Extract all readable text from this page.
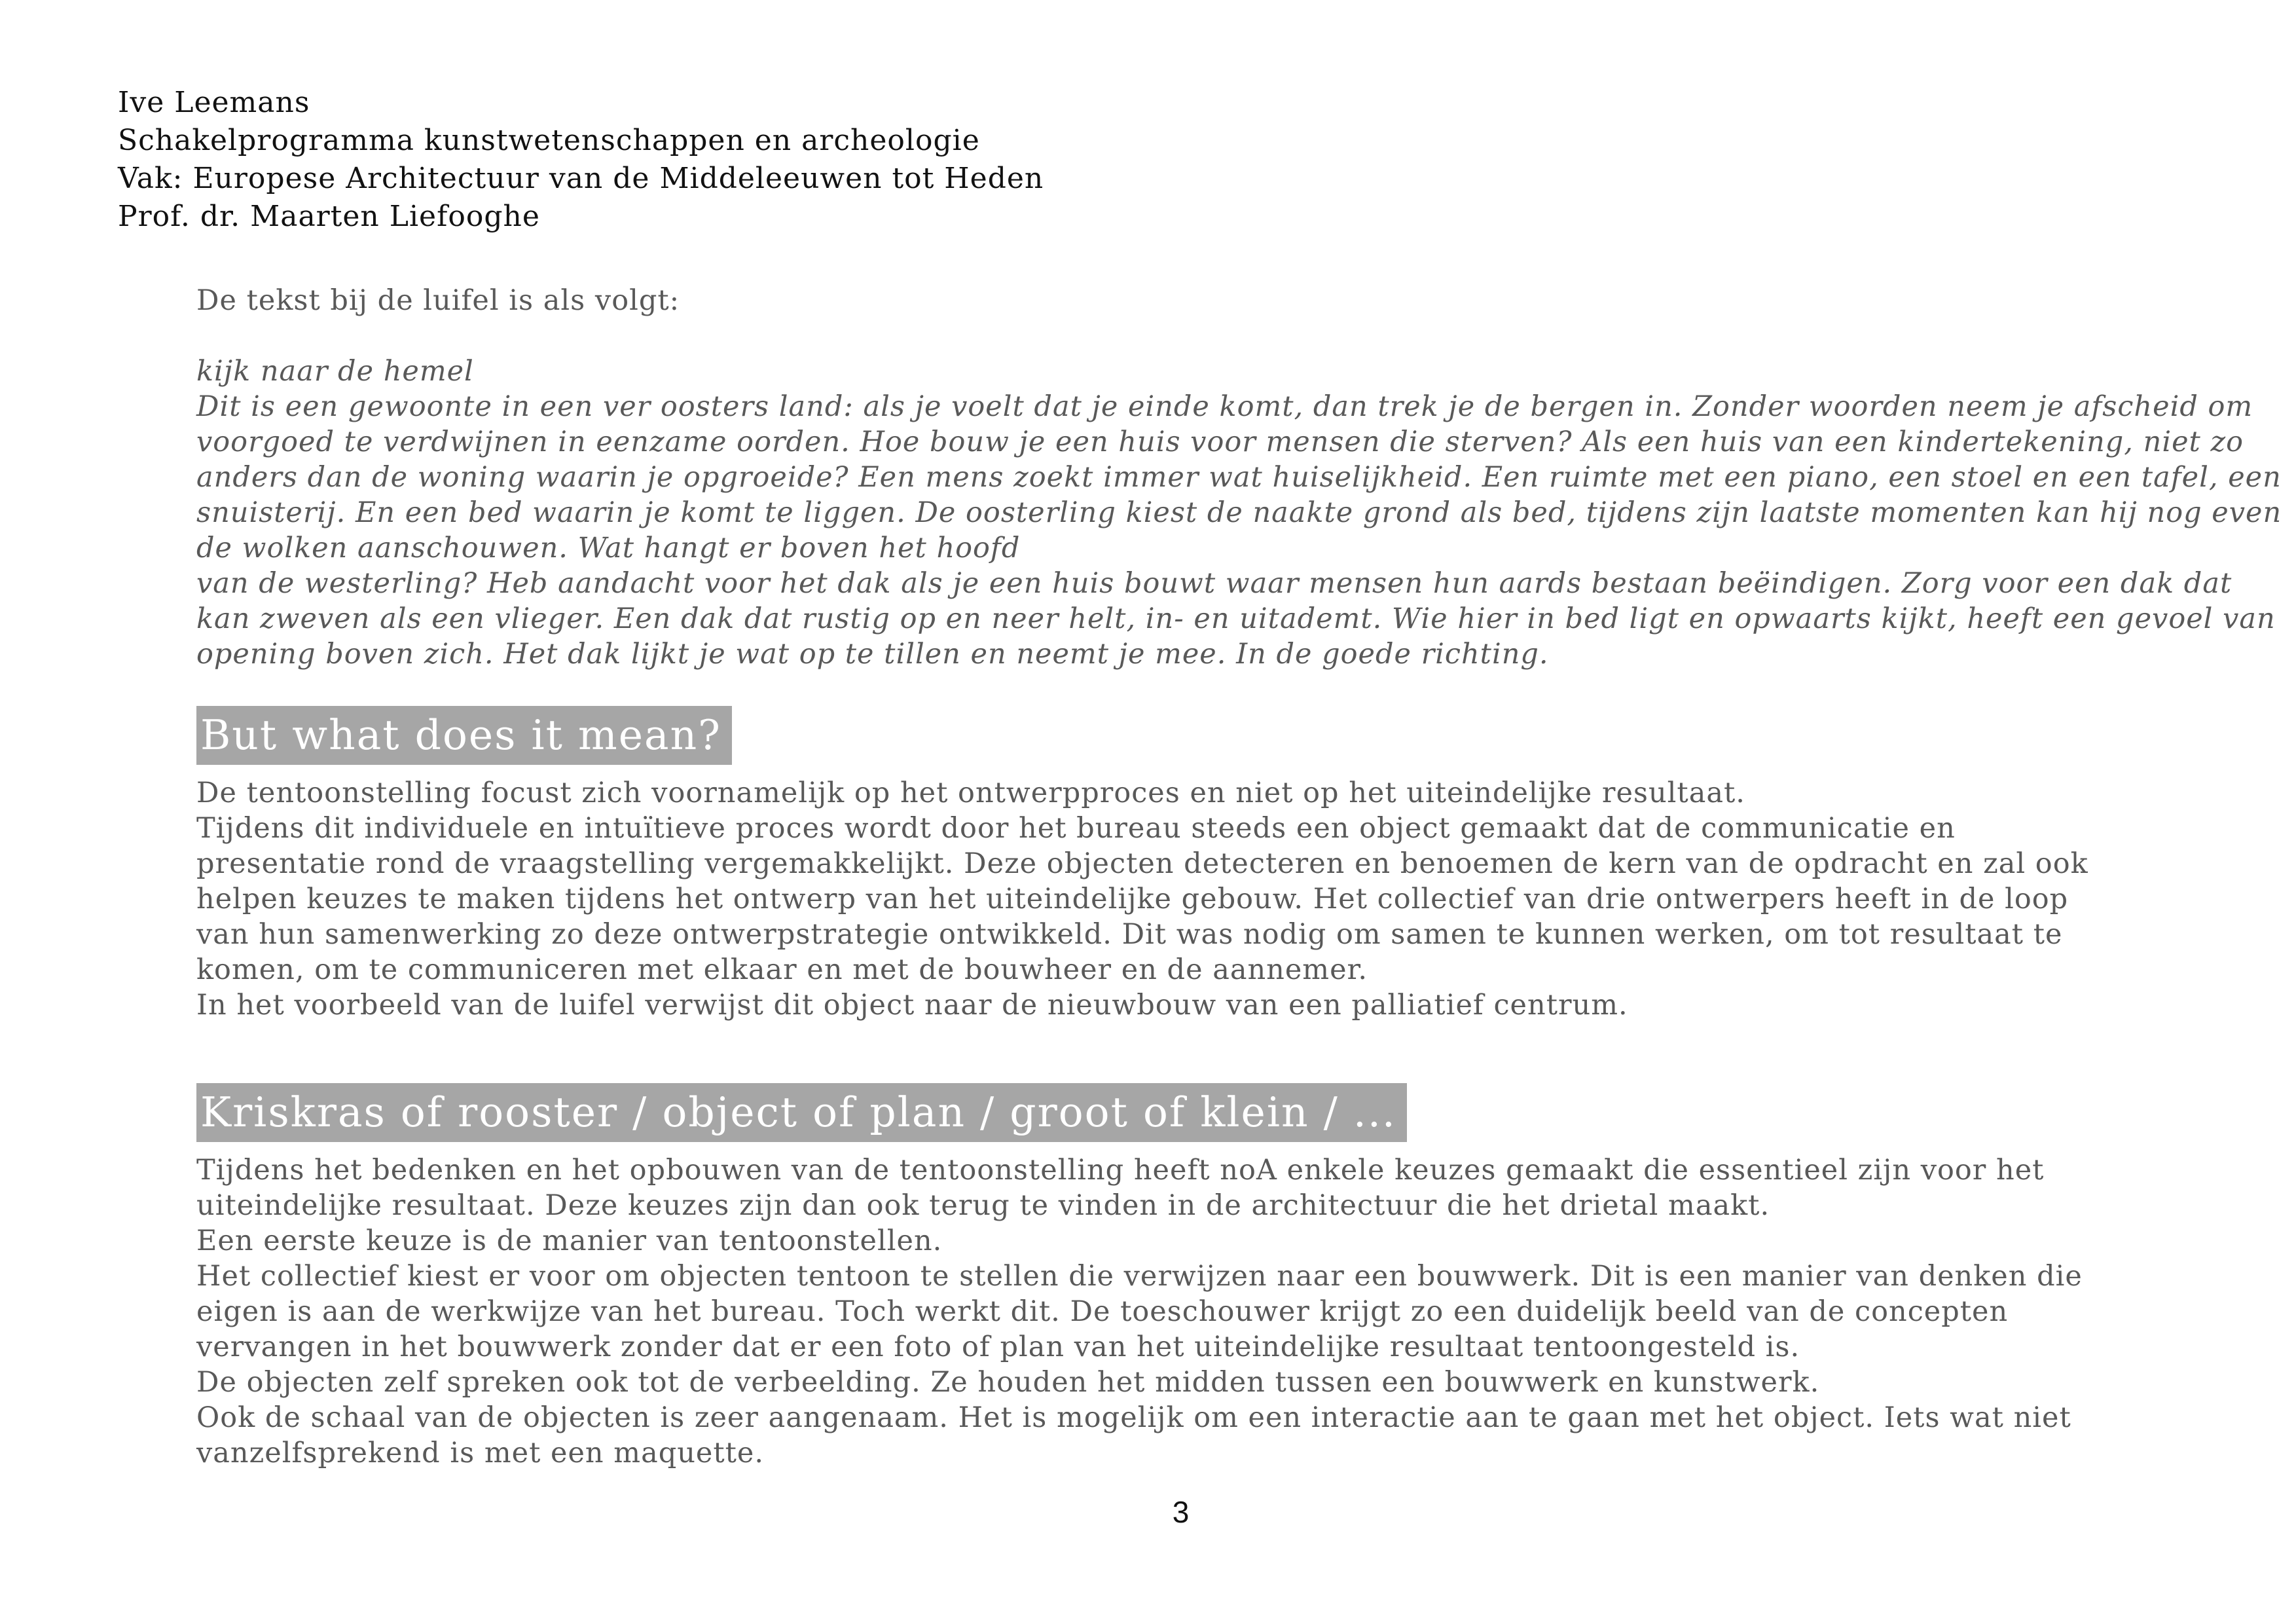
Ive Leemans
Schakelprogramma kunstwetenschappen en archeologie
Vak: Europese Architectuur van de Middeleeuwen tot Heden
Prof. dr. Maarten Liefooghe
De tekst bij de luifel is als volgt:
kijk naar de hemel
Dit is een gewoonte in een ver oosters land: als je voelt dat je einde komt, dan trek je de bergen in. Zonder woorden neem je afscheid om
voorgoed te verdwijnen in eenzame oorden. Hoe bouw je een huis voor mensen die sterven? Als een huis van een kindertekening, niet zo
anders dan de woning waarin je opgroeide? Een mens zoekt immer wat huiselijkheid. Een ruimte met een piano, een stoel en een tafel, een
snuisterij. En een bed waarin je komt te liggen. De oosterling kiest de naakte grond als bed, tijdens zijn laatste momenten kan hij nog even
de wolken aanschouwen. Wat hangt er boven het hoofd
van de westerling? Heb aandacht voor het dak als je een huis bouwt waar mensen hun aards bestaan beëindigen. Zorg voor een dak dat
kan zweven als een vlieger. Een dak dat rustig op en neer helt, in- en uitademt. Wie hier in bed ligt en opwaarts kijkt, heeft een gevoel van
opening boven zich. Het dak lijkt je wat op te tillen en neemt je mee. In de goede richting.
But what does it mean?
De tentoonstelling focust zich voornamelijk op het ontwerpproces en niet op het uiteindelijke resultaat.
Tijdens dit individuele en intuïtieve proces wordt door het bureau steeds een object gemaakt dat de communicatie en
presentatie rond de vraagstelling vergemakkelijkt. Deze objecten detecteren en benoemen de kern van de opdracht en zal ook
helpen keuzes te maken tijdens het ontwerp van het uiteindelijke gebouw. Het collectief van drie ontwerpers heeft in de loop
van hun samenwerking zo deze ontwerpstrategie ontwikkeld. Dit was nodig om samen te kunnen werken, om tot resultaat te
komen, om te communiceren met elkaar en met de bouwheer en de aannemer.
In het voorbeeld van de luifel verwijst dit object naar de nieuwbouw van een palliatief centrum.
Kriskras of rooster / object of plan / groot of klein / ...
Tijdens het bedenken en het opbouwen van de tentoonstelling heeft noA enkele keuzes gemaakt die essentieel zijn voor het
uiteindelijke resultaat. Deze keuzes zijn dan ook terug te vinden in de architectuur die het drietal maakt.
Een eerste keuze is de manier van tentoonstellen.
Het collectief kiest er voor om objecten tentoon te stellen die verwijzen naar een bouwwerk. Dit is een manier van denken die
eigen is aan de werkwijze van het bureau. Toch werkt dit. De toeschouwer krijgt zo een duidelijk beeld van de concepten
vervangen in het bouwwerk zonder dat er een foto of plan van het uiteindelijke resultaat tentoongesteld is.
De objecten zelf spreken ook tot de verbeelding. Ze houden het midden tussen een bouwwerk en kunstwerk.
Ook de schaal van de objecten is zeer aangenaam. Het is mogelijk om een interactie aan te gaan met het object. Iets wat niet
vanzelfsprekend is met een maquette.
3
